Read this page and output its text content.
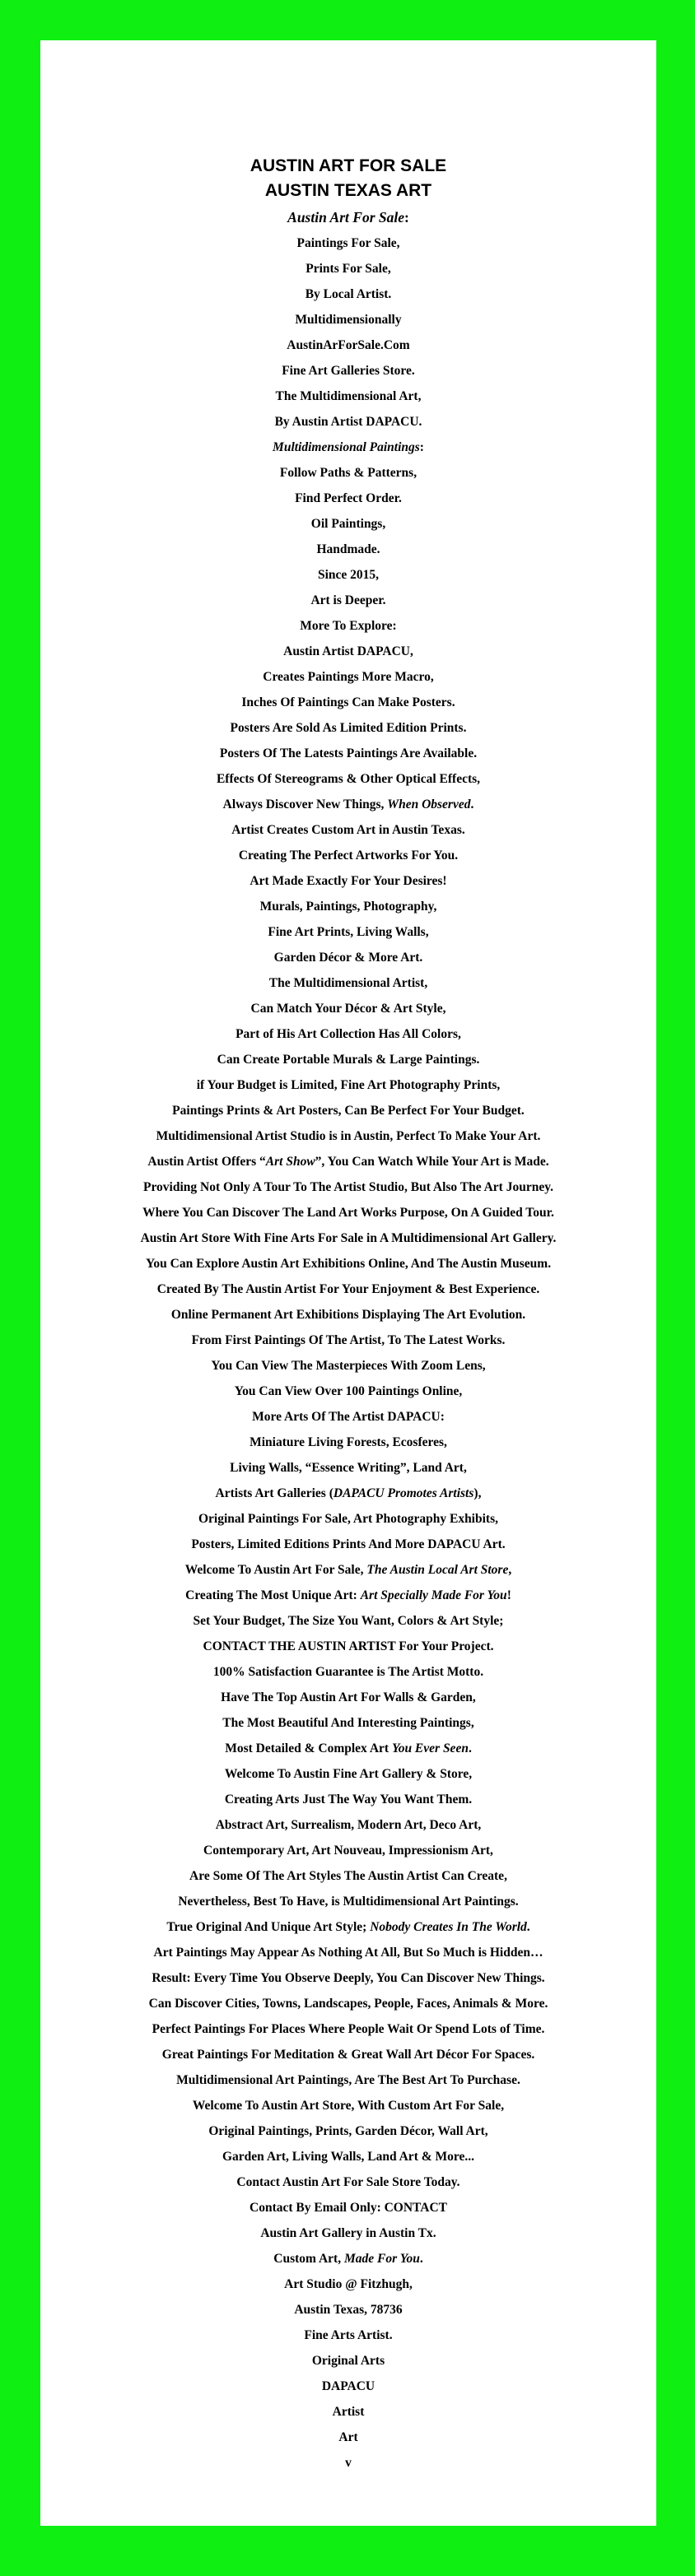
AUSTIN ART FOR SALE
AUSTIN TEXAS ART
Austin Art For Sale:
Paintings For Sale,
Prints For Sale,
By Local Artist.
Multidimensionally
AustinArForSale.Com
Fine Art Galleries Store.
The Multidimensional Art,
By Austin Artist DAPACU.
Multidimensional Paintings:
Follow Paths & Patterns,
Find Perfect Order.
Oil Paintings,
Handmade.
Since 2015,
Art is Deeper.
More To Explore:
Austin Artist DAPACU,
Creates Paintings More Macro,
Inches Of Paintings Can Make Posters.
Posters Are Sold As Limited Edition Prints.
Posters Of The Latests Paintings Are Available.
Effects Of Stereograms & Other Optical Effects,
Always Discover New Things, When Observed.
Artist Creates Custom Art in Austin Texas.
Creating The Perfect Artworks For You.
Art Made Exactly For Your Desires!
Murals, Paintings, Photography,
Fine Art Prints, Living Walls,
Garden Décor & More Art.
The Multidimensional Artist,
Can Match Your Décor & Art Style,
Part of His Art Collection Has All Colors,
Can Create Portable Murals & Large Paintings.
if Your Budget is Limited, Fine Art Photography Prints,
Paintings Prints & Art Posters, Can Be Perfect For Your Budget.
Multidimensional Artist Studio is in Austin, Perfect To Make Your Art.
Austin Artist Offers “Art Show”, You Can Watch While Your Art is Made.
Providing Not Only A Tour To The Artist Studio, But Also The Art Journey.
Where You Can Discover The Land Art Works Purpose, On A Guided Tour.
Austin Art Store With Fine Arts For Sale in A Multidimensional Art Gallery.
You Can Explore Austin Art Exhibitions Online, And The Austin Museum.
Created By The Austin Artist For Your Enjoyment & Best Experience.
Online Permanent Art Exhibitions Displaying The Art Evolution.
From First Paintings Of The Artist, To The Latest Works.
You Can View The Masterpieces With Zoom Lens,
You Can View Over 100 Paintings Online,
More Arts Of The Artist DAPACU:
Miniature Living Forests, Ecosferes,
Living Walls, “Essence Writing”, Land Art,
Artists Art Galleries (DAPACU Promotes Artists),
Original Paintings For Sale, Art Photography Exhibits,
Posters, Limited Editions Prints And More DAPACU Art.
Welcome To Austin Art For Sale, The Austin Local Art Store,
Creating The Most Unique Art: Art Specially Made For You!
Set Your Budget, The Size You Want, Colors & Art Style;
CONTACT THE AUSTIN ARTIST For Your Project.
100% Satisfaction Guarantee is The Artist Motto.
Have The Top Austin Art For Walls & Garden,
The Most Beautiful And Interesting Paintings,
Most Detailed & Complex Art You Ever Seen.
Welcome To Austin Fine Art Gallery & Store,
Creating Arts Just The Way You Want Them.
Abstract Art, Surrealism, Modern Art, Deco Art,
Contemporary Art, Art Nouveau, Impressionism Art,
Are Some Of The Art Styles The Austin Artist Can Create,
Nevertheless, Best To Have, is Multidimensional Art Paintings.
True Original And Unique Art Style; Nobody Creates In The World.
Art Paintings May Appear As Nothing At All, But So Much is Hidden…
Result: Every Time You Observe Deeply, You Can Discover New Things.
Can Discover Cities, Towns, Landscapes, People, Faces, Animals & More.
Perfect Paintings For Places Where People Wait Or Spend Lots of Time.
Great Paintings For Meditation & Great Wall Art Décor For Spaces.
Multidimensional Art Paintings, Are The Best Art To Purchase.
Welcome To Austin Art Store, With Custom Art For Sale,
Original Paintings, Prints, Garden Décor, Wall Art,
Garden Art, Living Walls, Land Art & More...
Contact Austin Art For Sale Store Today.
Contact By Email Only: CONTACT
Austin Art Gallery in Austin Tx.
Custom Art, Made For You.
Art Studio @ Fitzhugh,
Austin Texas, 78736
Fine Arts Artist.
Original Arts
DAPACU
Artist
Art
v
